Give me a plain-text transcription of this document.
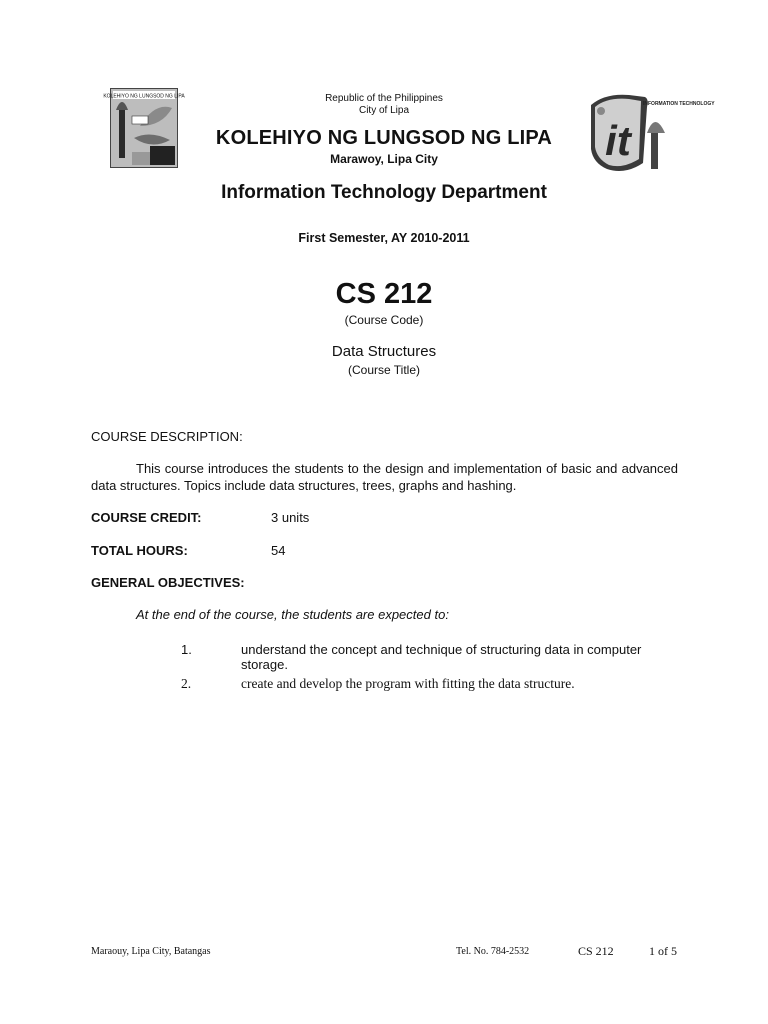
KOLEHIYO NG LUNGSOD NG LIPA
it
INFORMATION TECHNOLOGY
Republic of the Philippines
City of Lipa
KOLEHIYO NG LUNGSOD NG LIPA
Marawoy, Lipa City
Information Technology Department
First Semester, AY 2010-2011
CS 212
(Course Code)
Data Structures
(Course Title)
COURSE DESCRIPTION:
This course introduces the students to the design and implementation of basic and advanced data structures. Topics include data structures, trees, graphs and hashing.
COURSE CREDIT:	3 units
TOTAL HOURS:	54
GENERAL OBJECTIVES:
At the end of the course, the students are expected to:
1.	understand the concept and technique of structuring data in computer storage.
2.	create and develop the program with fitting the data structure.
Maraouy, Lipa City, Batangas	Tel. No. 784-2532	CS 212	1 of 5
